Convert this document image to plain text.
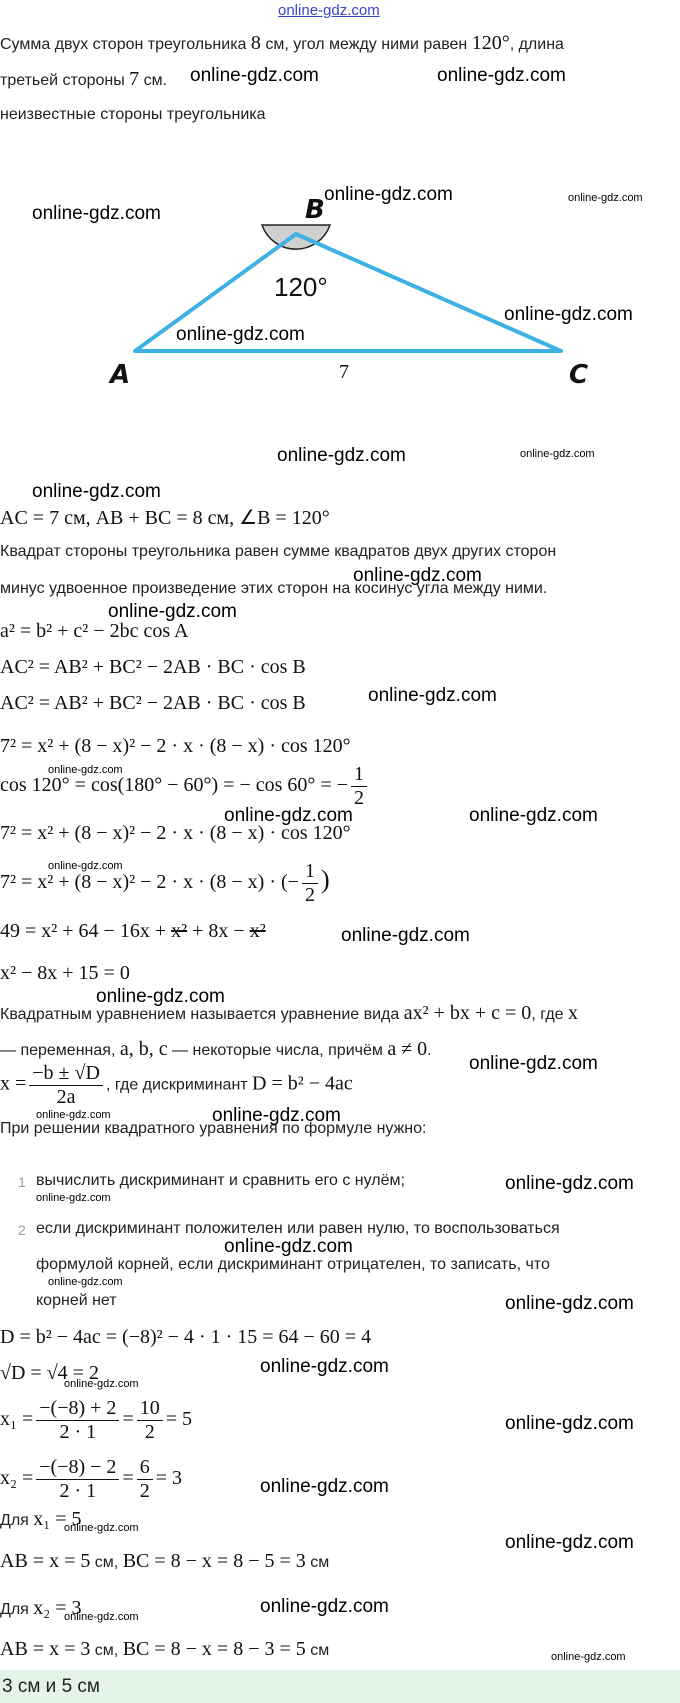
online-gdz.com
Сумма двух сторон треугольника 8 см, угол между ними равен 120°, длина
третьей стороны 7 см.
неизвестные стороны треугольника
B
A	C
120°
7
AC = 7 см, AB + BC = 8 см, ∠B = 120°
Квадрат стороны треугольника равен сумме квадратов двух других сторон
минус удвоенное произведение этих сторон на косинус угла между ними.
a² = b² + c² − 2bc cos A
AC² = AB² + BC² − 2AB · BC · cos B
AC² = AB² + BC² − 2AB · BC · cos B
7² = x² + (8 − x)² − 2 · x · (8 − x) · cos 120°
cos 120° = cos(180° − 60°) = − cos 60° = − $\frac{1}{2}$
7² = x² + (8 − x)² − 2 · x · (8 − x) · cos 120°
7² = x² + (8 − x)² − 2 · x · (8 − x) · (− $\frac{1}{2}$ )
49 = x² + 64 − 16x + x² + 8x − x²
x² − 8x + 15 = 0
Квадратным уравнением называется уравнение вида ax² + bx + c = 0, где x
— переменная, a, b, c — некоторые числа, причём a ≠ 0.
$x = \frac{-b \pm √D}{2a}$ , где дискриминант D = b² − 4ac
При решении квадратного уравнения по формуле нужно:
1 вычислить дискриминант и сравнить его с нулём;
2 если дискриминант положителен или равен нулю, то воспользоваться
формулой корней, если дискриминант отрицателен, то записать, что
корней нет
D = b² − 4ac = (−8)² − 4 · 1 · 15 = 64 − 60 = 4
√D = √4 = 2
$x_1 = \frac{-(-8) + 2}{2 \cdot 1} = \frac{10}{2} = 5$
$x_2 = \frac{-(-8) - 2}{2 \cdot 1} = \frac{6}{2} = 3$
Для x₁ = 5
AB = x = 5 см, BC = 8 − x = 8 − 5 = 3 см
Для x₂ = 3
AB = x = 3 см, BC = 8 − x = 8 − 3 = 5 см
3 см и 5 см
online-gdz.com	online-gdz.com
online-gdz.com
online-gdz.com
online-gdz.com
online-gdz.com
online-gdz.com
online-gdz.com
online-gdz.com
online-gdz.com
online-gdz.com
online-gdz.com	online-gdz.com
online-gdz.com
online-gdz.com
online-gdz.com
online-gdz.com
online-gdz.com
online-gdz.com
online-gdz.com
online-gdz.com
online-gdz.com
online-gdz.com
online-gdz.com
online-gdz.com
online-gdz.com
online-gdz.com
online-gdz.com
online-gdz.com
online-gdz.com
online-gdz.com
online-gdz.com
online-gdz.com
online-gdz.com
online-gdz.com
online-gdz.com
